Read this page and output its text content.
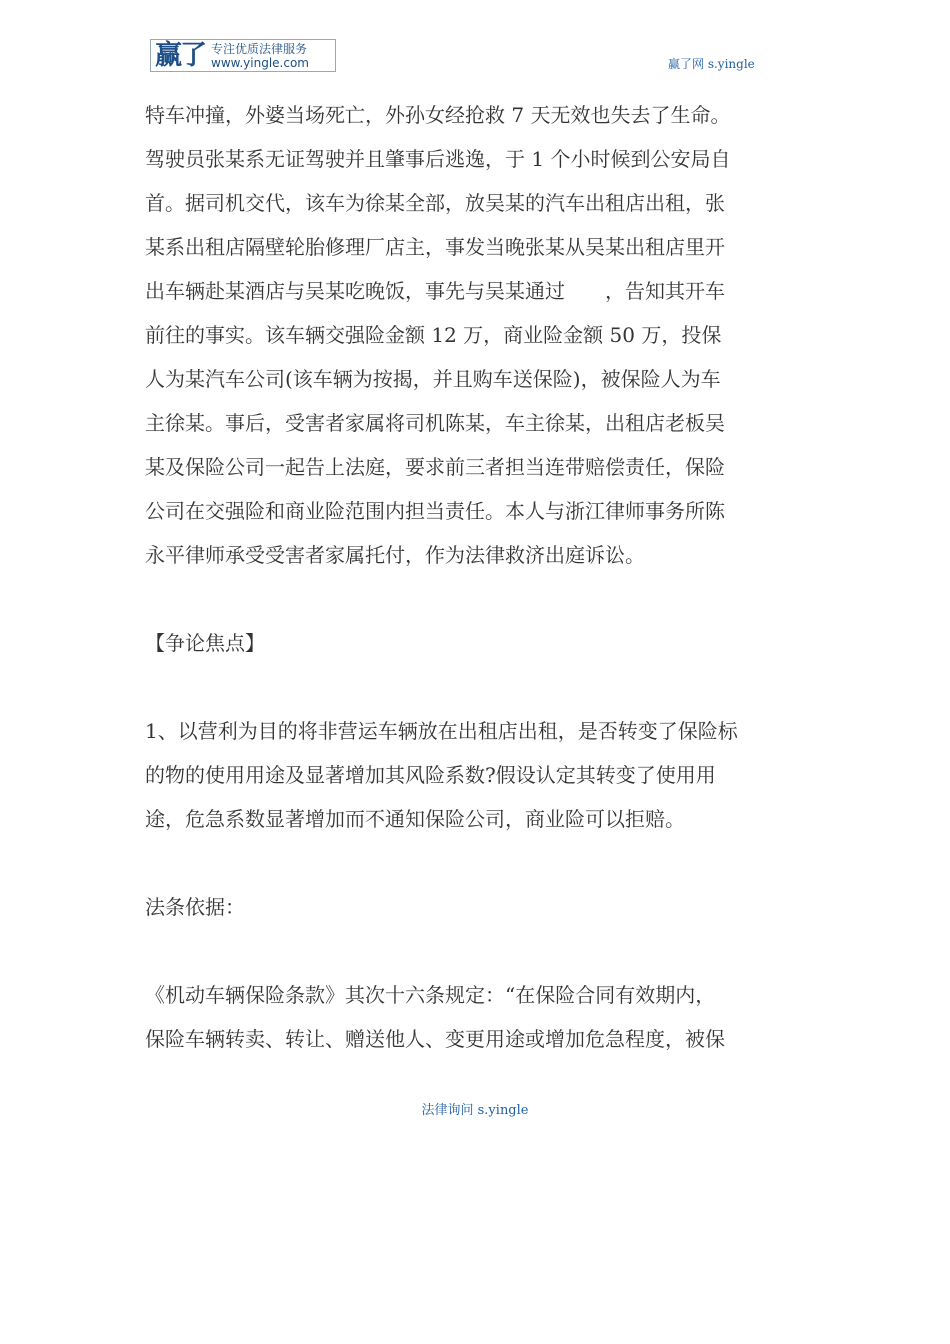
赢了 专注优质法律服务
www.yingle.com	赢了网 s.yingle

特车冲撞，外婆当场死亡，外孙女经抢救 7 天无效也失去了生命。
驾驶员张某系无证驾驶并且肇事后逃逸，于 1 个小时候到公安局自
首。据司机交代，该车为徐某全部，放吴某的汽车出租店出租，张
某系出租店隔壁轮胎修理厂店主，事发当晚张某从吴某出租店里开
出车辆赴某酒店与吴某吃晚饭，事先与吴某通过　　，告知其开车
前往的事实。该车辆交强险金额 12 万，商业险金额 50 万，投保
人为某汽车公司(该车辆为按揭，并且购车送保险)，被保险人为车
主徐某。事后，受害者家属将司机陈某，车主徐某，出租店老板吴
某及保险公司一起告上法庭，要求前三者担当连带赔偿责任，保险
公司在交强险和商业险范围内担当责任。本人与浙江律师事务所陈
永平律师承受受害者家属托付，作为法律救济出庭诉讼。

【争论焦点】

1、以营利为目的将非营运车辆放在出租店出租，是否转变了保险标
的物的使用用途及显著增加其风险系数?假设认定其转变了使用用
途，危急系数显著增加而不通知保险公司，商业险可以拒赔。

法条依据：

《机动车辆保险条款》其次十六条规定：“在保险合同有效期内，
保险车辆转卖、转让、赠送他人、变更用途或增加危急程度，被保

法律询问 s.yingle
